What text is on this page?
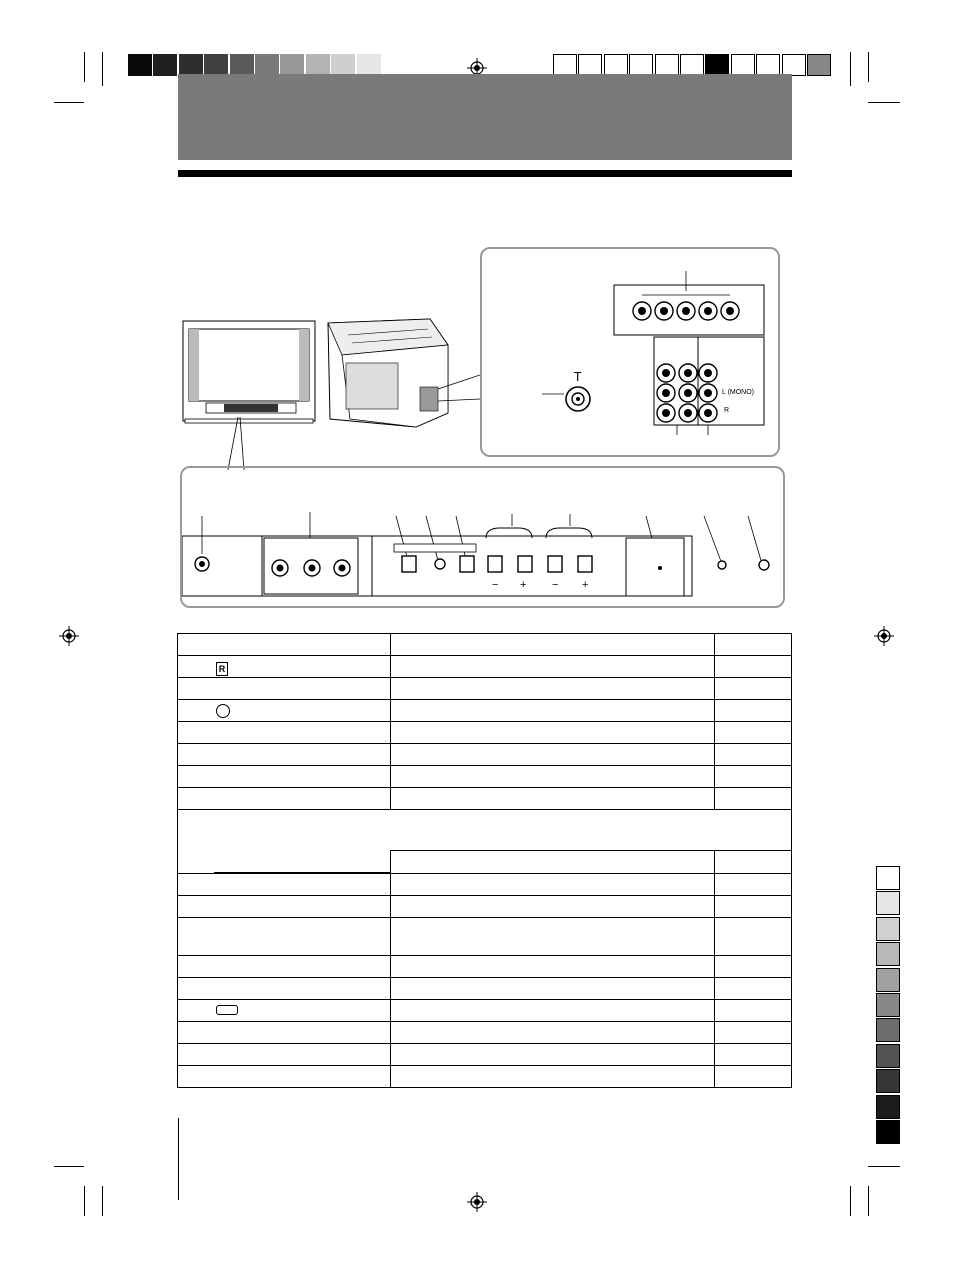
T
L (MONO)
R
− + − +

R		
